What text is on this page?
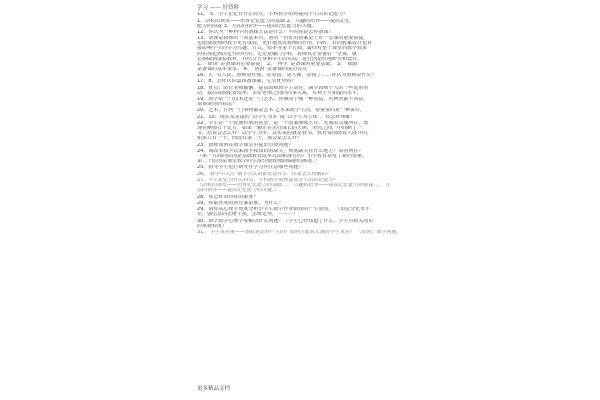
学习 —— 好资料
11、 5、学生记忆有什么特点，学科教学如何提高学生的识记能力？
1、动机的诱发——培养记忆能力的基础 2、兴趣的培养——提高记忆
能力的前提 3、方法的指导——提高记忆能力的关键。
12、你认为一种科学的备课方法是什么？平时你是怎样备课？
13、备课是教师的一项基本功。备出一份好的教案是上好一堂课的重要前提，
也能使教师的教学更有成效，更好地发挥教师的作用。同时，好的教案设计也直
接影响学生的学习兴趣、方式、效率等多个方面，最终对整个课堂的教学效果
的实现起到决定性的作用。无论是哪门学科，教师真正要备好一堂课，就
必须做到深钻教材，并结合自身和学生的实际，进行创造性地研究和设计。
1、“研读”是备课的必要前提； 2、“博学”是备课的重要基础； 3、“细致”
是备课的基本要求。 4、“创新”是备课的成功亮点
16、7、有人说，教师是红烛，是春蚕，是人梯，是园丁……你认为教师是什么？
17、8、怎样认识集体备课制，它有优势吗？
18、优点：防止老师偷懒，提高教师教学主动性。减少教师个人的一些选用举
动，提高资源配置效率，亲密老师之间的同事关系，有利于互相提高水平。
19、教学是一门技术还是一门艺术，你倾向于哪一种看法，若两者都不同意，
请谈谈你的看法？
20、艺术，任何一门事物都是艺术 艺术来源于生活，要重要的是一种责任。
21、10、现在常常提的“以学生为本”或“以学生为主体”，你怎样理解？
22、学生是一个民族传承的希望，是一个国家继续生存、发展的灵魂所在，既
现在摩擦打个比方，如果一颗正在茁壮成长的大树，突然之间，中间断了一
节，您说会怎么样？以学生为本，其实说的就是教书，教育要围绕着人展开的，
如果只有一个，而没有第二个，那会是怎么样？
23、教师如何在教学课堂中提出有效问题？
24、谈改革教学以来教学和知识的缺失，到底缺失在什么地方？原因何在？
（第一方面的原因是基础教育改革以前和现行的）小学教育是发了新的要素。
第二个原因是课堂教学的生成性使教师面临新的挑战。）
25、指导学生进行研究性学习应注意哪些问题？
26、 教学中关注“数学公式的推论是什么” 你是怎么理解的？
27、学生记忆有什么特点，学科教学如何提高学生的识记能力？
（动机的诱发——培养记忆能力的基础二。 兴趣的培养——提高记忆能力的前提三。 方
法的指导——提高记忆能力的关键。）
28、你怎样看待你的职业？
29、你最喜欢的教育家是谁，为什么？
29、请你从心理学角度分析小学生数学作业错误的产生原因。 （知觉分化水平
差，强信息的思维干扰，思维定势， ·········）
30、数学教学心理学要解决什么问题？（学生已经知道了什么，学生对相关知识
的掌握程度）
31、 学生负担重——到底是怎样产生的？如何才能真正减轻学生负担？ （原因：教学问题，
更多精品文档
